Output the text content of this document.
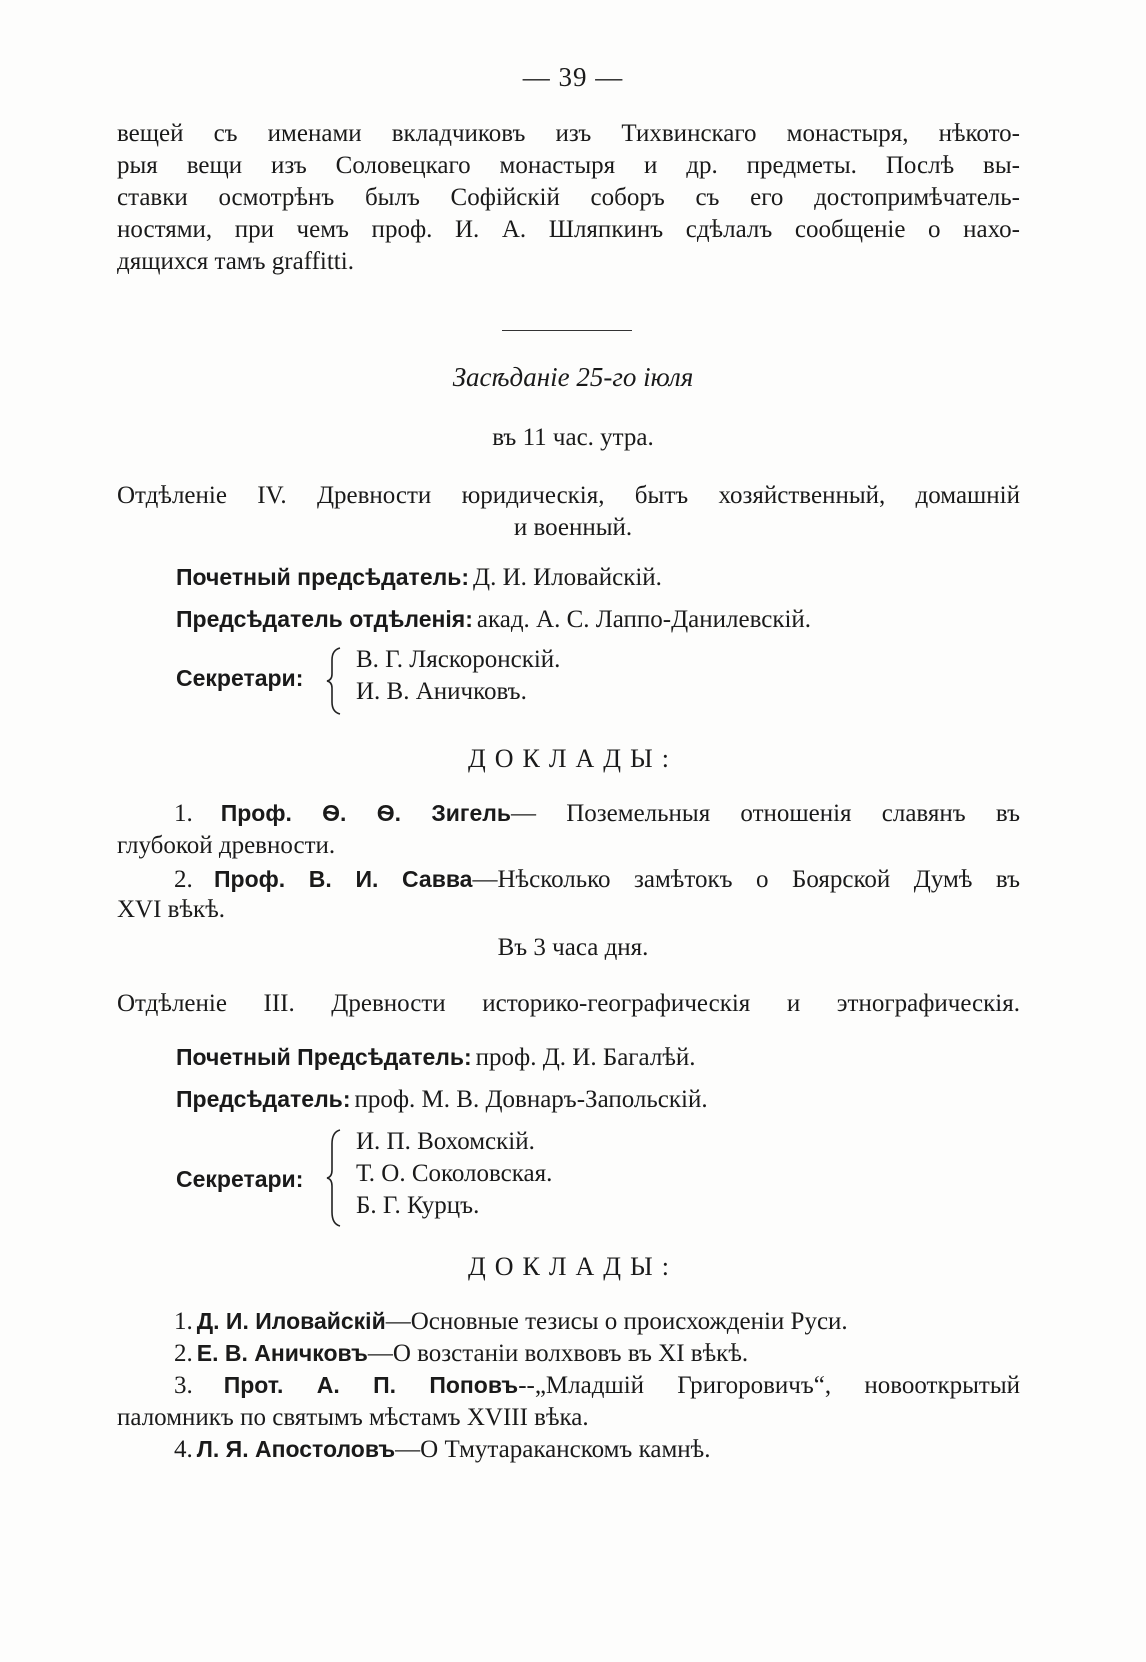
— 39 —
вещей съ именами вкладчиковъ изъ Тихвинскаго монастыря, нѣкото-
рыя вещи изъ Соловецкаго монастыря и др. предметы. Послѣ вы-
ставки осмотрѣнъ былъ Софійскій соборъ съ его достопримѣчатель-
ностями, при чемъ проф. И. А. Шляпкинъ сдѣлалъ сообщеніе о нахо-
дящихся тамъ graffitti.
Засѣданіе 25-го іюля
въ 11 час. утра.
Отдѣленіе IV. Древности юридическія, бытъ хозяйственный, домашній
и военный.
Почетный предсѣдатель: Д. И. Иловайскій.
Предсѣдатель отдѣленія: акад. А. С. Лаппо-Данилевскій.
Секретари:
В. Г. Ляскоронскій.
И. В. Аничковъ.
ДОКЛАДЫ:
1. Проф. Ѳ. Ѳ. Зигель— Поземельныя отношенія славянъ въ
глубокой древности.
2. Проф. В. И. Савва—Нѣсколько замѣтокъ о Боярской Думѣ въ
XVI вѣкѣ.
Въ 3 часа дня.
Отдѣленіе III. Древности историко-географическія и этнографическія.
Почетный Предсѣдатель: проф. Д. И. Багалѣй.
Предсѣдатель: проф. М. В. Довнаръ-Запольскій.
Секретари:
И. П. Вохомскій.
Т. О. Соколовская.
Б. Г. Курцъ.
ДОКЛАДЫ:
1. Д. И. Иловайскій—Основные тезисы о происхожденіи Руси.
2. Е. В. Аничковъ—О возстаніи волхвовъ въ XI вѣкѣ.
3. Прот. А. П. Поповъ--„Младшій Григоровичъ“, новооткрытый
паломникъ по святымъ мѣстамъ XVIII вѣка.
4. Л. Я. Апостоловъ—О Тмутараканскомъ камнѣ.
